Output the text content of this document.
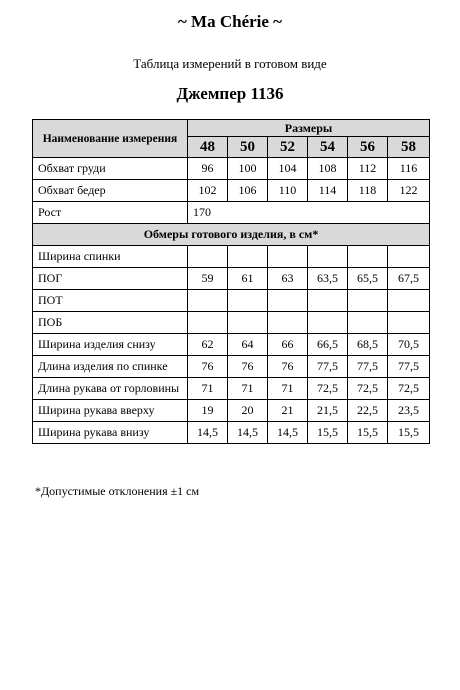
~ Ma Chérie ~
Таблица измерений в готовом виде
Джемпер 1136
Наименование измерения	Размеры					
	48	50	52	54	56	58
Обхват груди	96	100	104	108	112	116
Обхват бедер	102	106	110	114	118	122
Рост	170					
Обмеры готового изделия, в см*						
Ширина спинки						
ПОГ	59	61	63	63,5	65,5	67,5
ПОТ						
ПОБ						
Ширина изделия снизу	62	64	66	66,5	68,5	70,5
Длина изделия по спинке	76	76	76	77,5	77,5	77,5
Длина рукава от горловины	71	71	71	72,5	72,5	72,5
Ширина рукава вверху	19	20	21	21,5	22,5	23,5
Ширина рукава внизу	14,5	14,5	14,5	15,5	15,5	15,5
*Допустимые отклонения ±1 см
